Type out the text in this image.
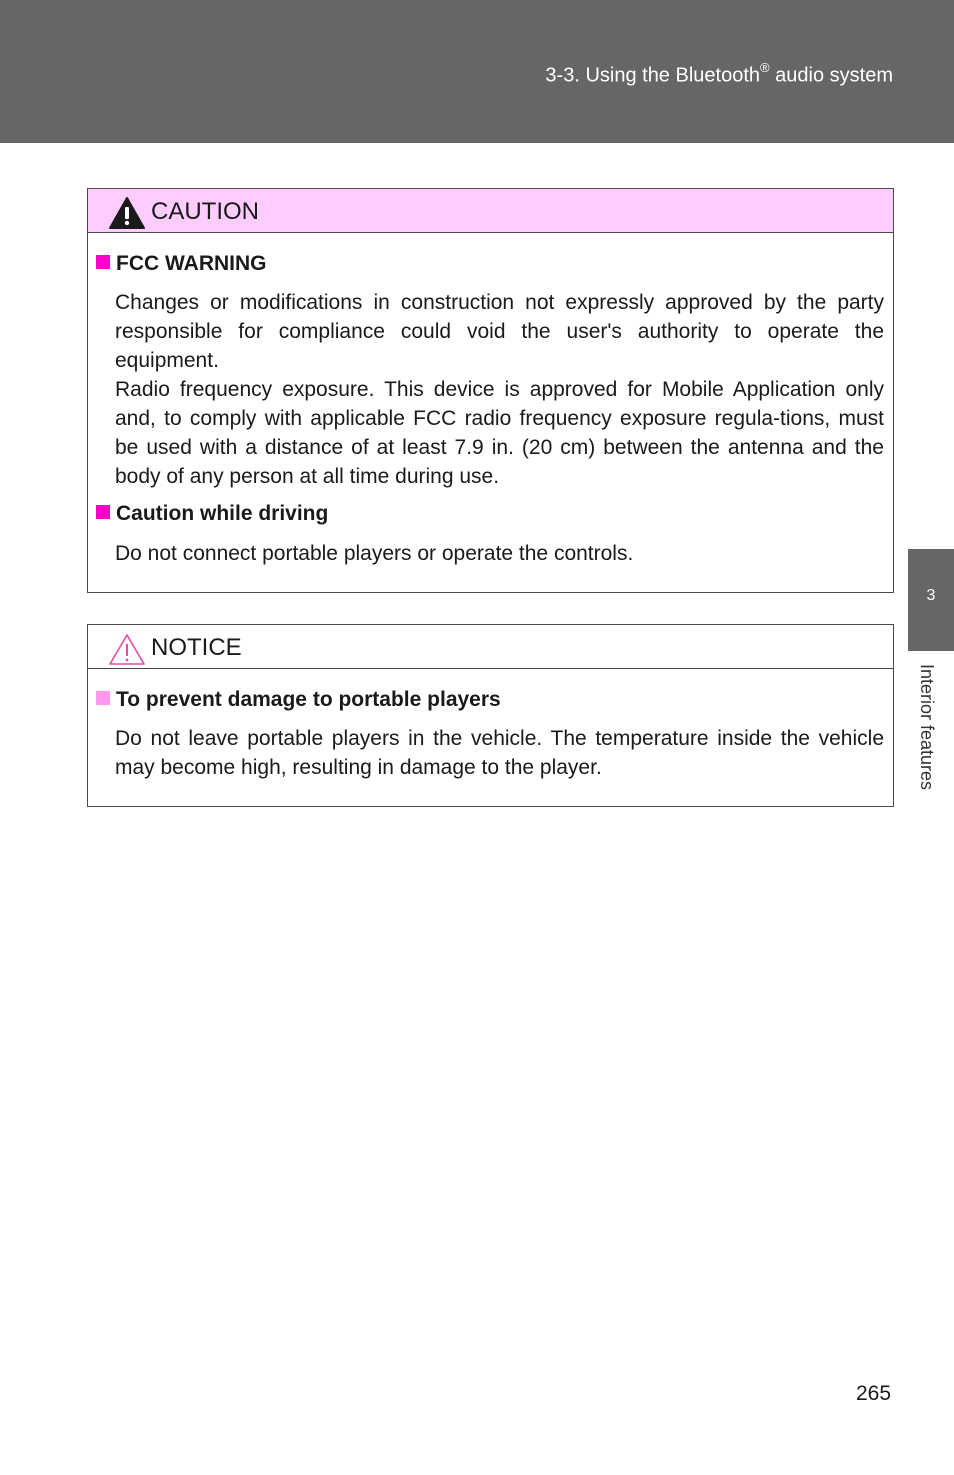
3-3. Using the Bluetooth® audio system
3
Interior features
CAUTION
FCC WARNING

Changes or modifications in construction not expressly approved by the party responsible for compliance could void the user's authority to operate the equipment.

Radio frequency exposure. This device is approved for Mobile Application only and, to comply with applicable FCC radio frequency exposure regula-tions, must be used with a distance of at least 7.9 in. (20 cm) between the antenna and the body of any person at all time during use.

Caution while driving

Do not connect portable players or operate the controls.

NOTICE
To prevent damage to portable players

Do not leave portable players in the vehicle. The temperature inside the vehicle may become high, resulting in damage to the player.

265
